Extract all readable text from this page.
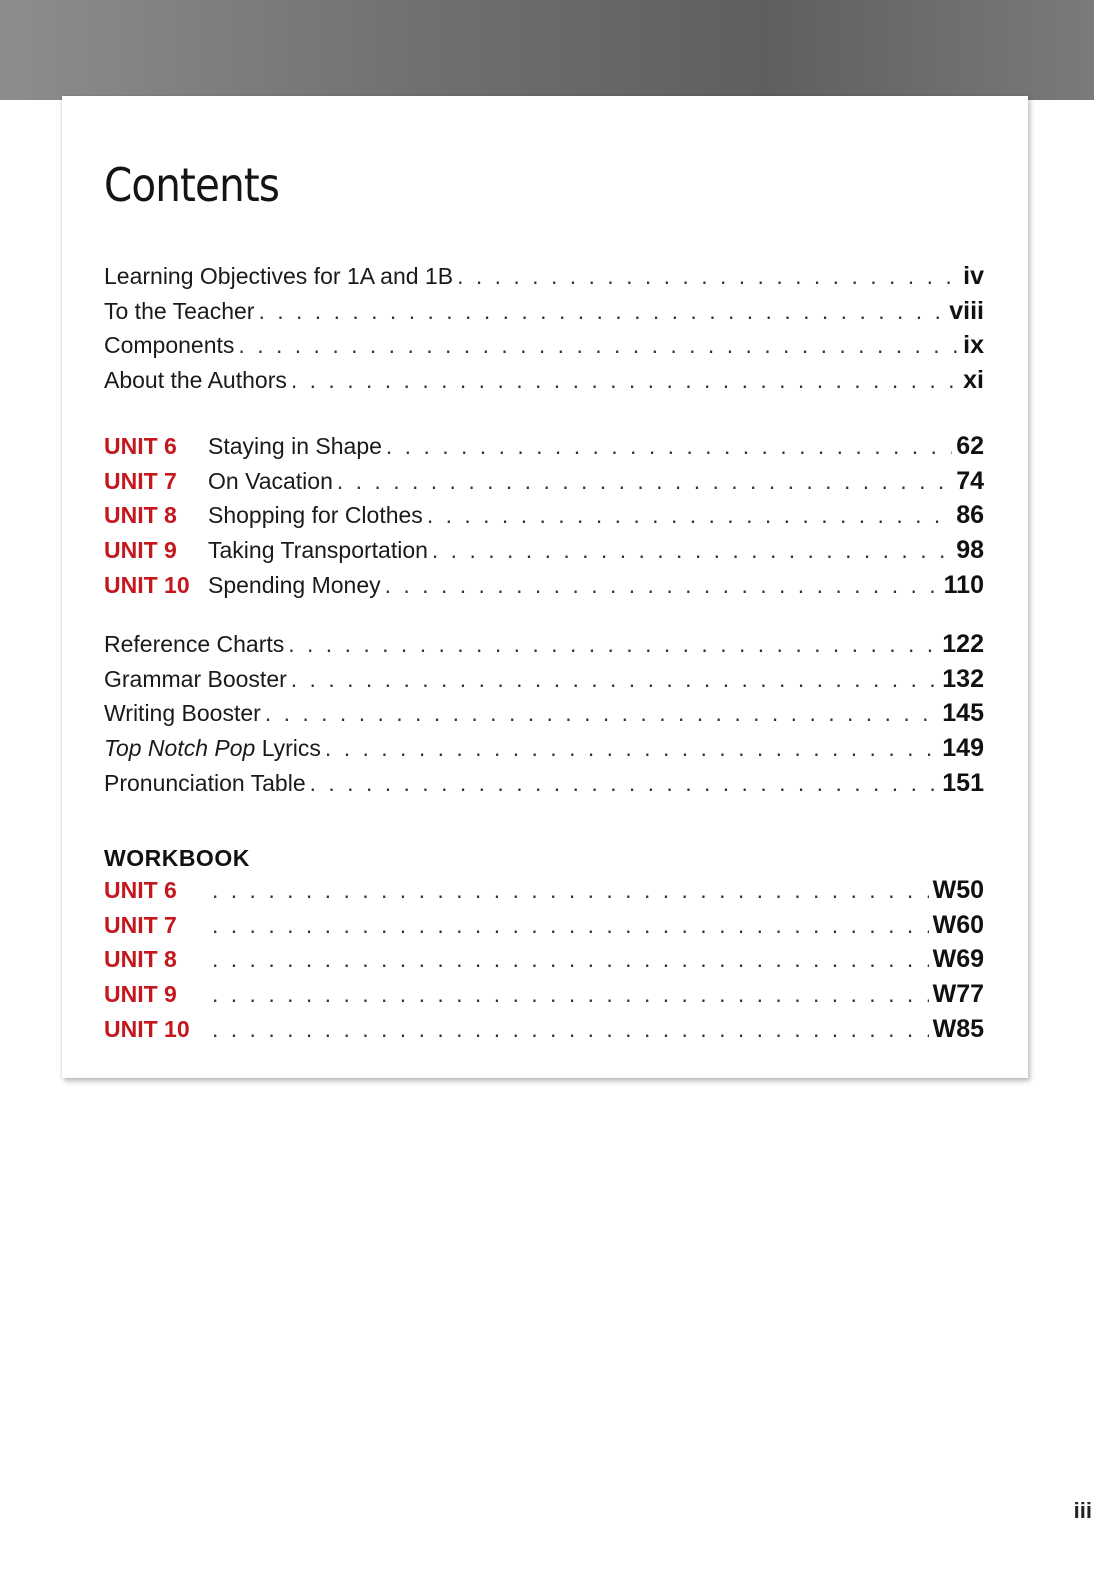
Contents
Learning Objectives for 1A and 1B . . .	iv
To the Teacher . . .	viii
Components . . .	ix
About the Authors . . .	xi
UNIT 6	Staying in Shape . . .	62
UNIT 7	On Vacation . . .	74
UNIT 8	Shopping for Clothes . . .	86
UNIT 9	Taking Transportation . . .	98
UNIT 10 Spending Money . . .	110
Reference Charts . . .	122
Grammar Booster . . .	132
Writing Booster . . .	145
Top Notch Pop Lyrics . . .	149
Pronunciation Table . . .	151
WORKBOOK
UNIT 6 . . .	W50
UNIT 7 . . .	W60
UNIT 8 . . .	W69
UNIT 9 . . .	W77
UNIT 10 . . .	W85
iii
